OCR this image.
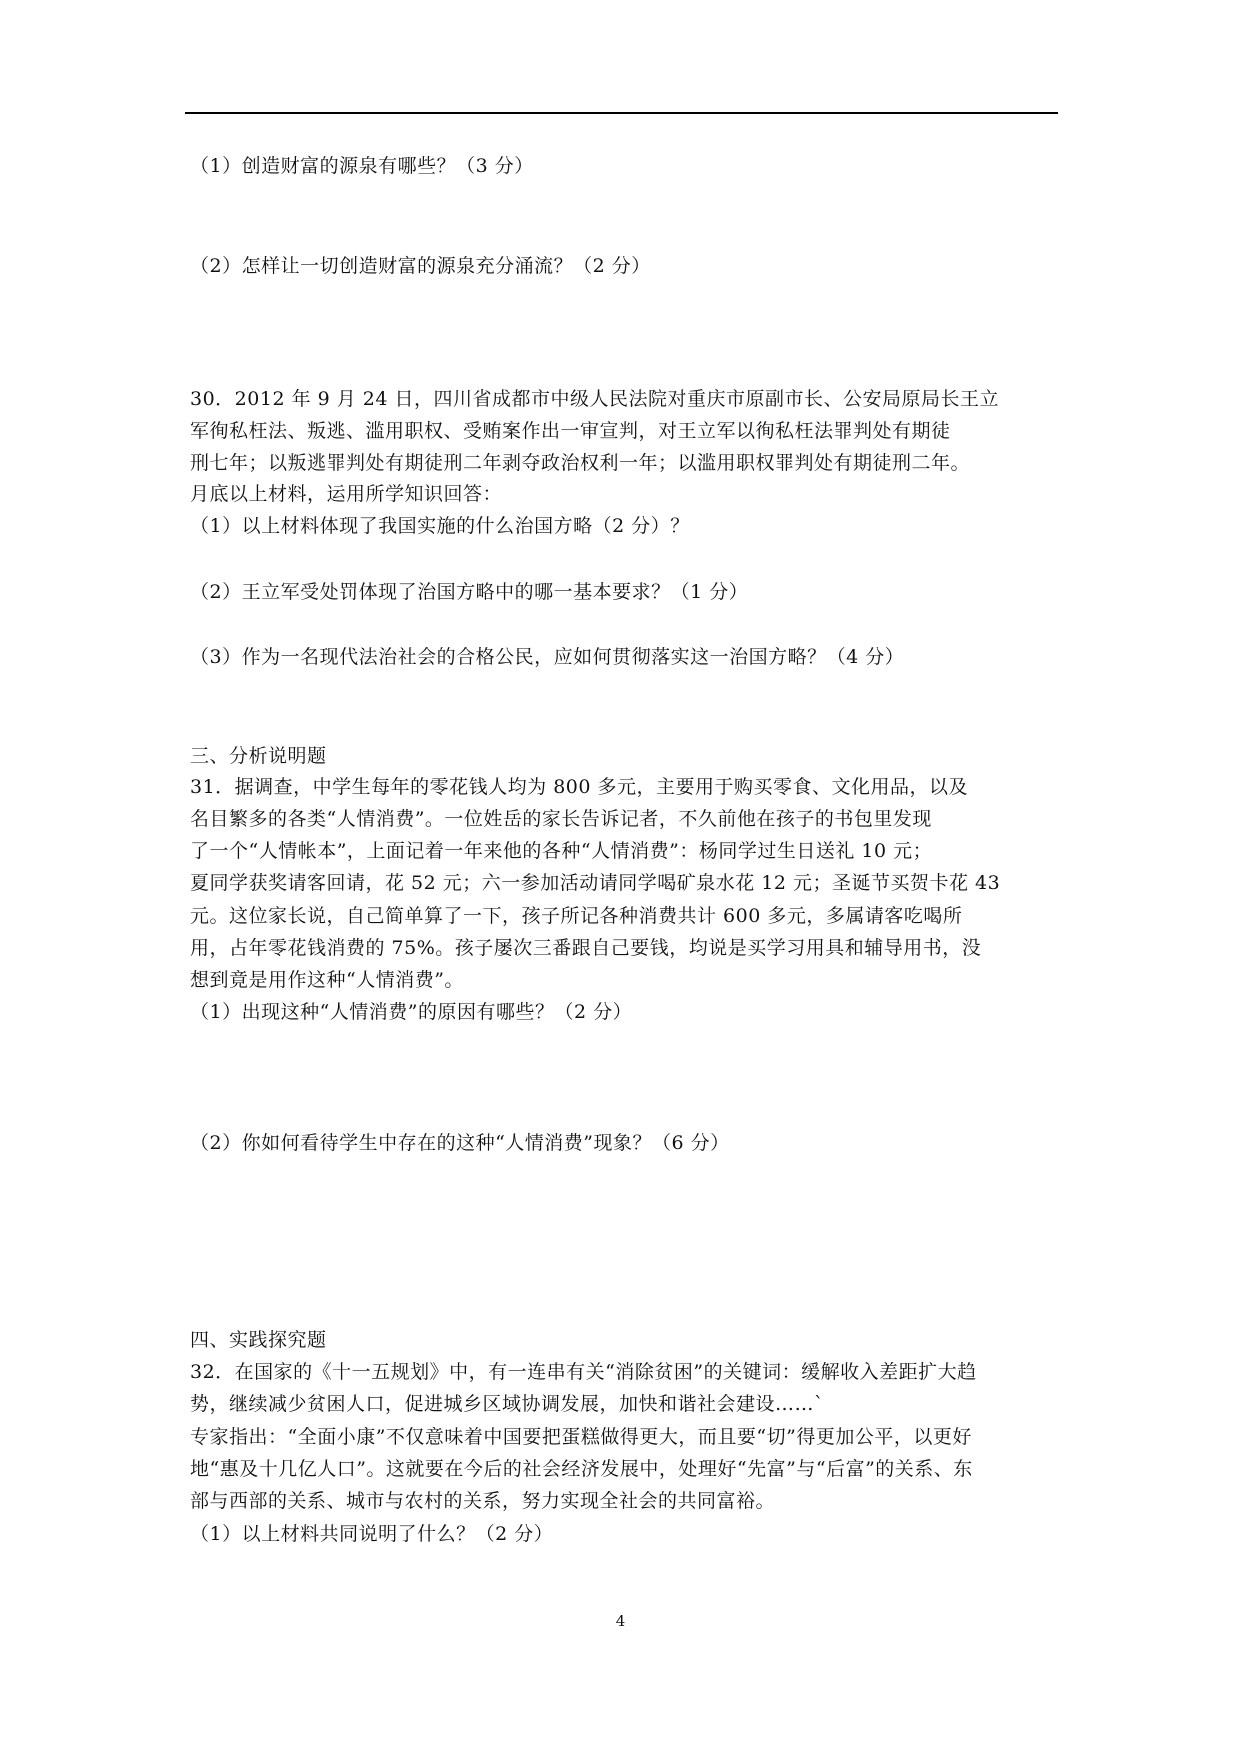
（1）创造财富的源泉有哪些？（3 分）
（2）怎样让一切创造财富的源泉充分涌流？（2 分）
30．2012 年 9 月 24 日，四川省成都市中级人民法院对重庆市原副市长、公安局原局长王立
军徇私枉法、叛逃、滥用职权、受贿案作出一审宣判，对王立军以徇私枉法罪判处有期徒
刑七年；以叛逃罪判处有期徒刑二年剥夺政治权利一年；以滥用职权罪判处有期徒刑二年。
月底以上材料，运用所学知识回答：
（1）以上材料体现了我国实施的什么治国方略（2 分）？
（2）王立军受处罚体现了治国方略中的哪一基本要求？（1 分）
（3）作为一名现代法治社会的合格公民，应如何贯彻落实这一治国方略？（4 分）
三、分析说明题
31．据调查，中学生每年的零花钱人均为 800 多元，主要用于购买零食、文化用品，以及
名目繁多的各类“人情消费”。一位姓岳的家长告诉记者，不久前他在孩子的书包里发现
了一个“人情帐本”，上面记着一年来他的各种“人情消费”：杨同学过生日送礼 10 元；
夏同学获奖请客回请，花 52 元；六一参加活动请同学喝矿泉水花 12 元；圣诞节买贺卡花 43
元。这位家长说，自己简单算了一下，孩子所记各种消费共计 600 多元，多属请客吃喝所
用，占年零花钱消费的 75%。孩子屡次三番跟自己要钱，均说是买学习用具和辅导用书，没
想到竟是用作这种“人情消费”。
（1）出现这种“人情消费”的原因有哪些？（2 分）
（2）你如何看待学生中存在的这种“人情消费”现象？（6 分）
四、实践探究题
32．在国家的《十一五规划》中，有一连串有关“消除贫困”的关键词：缓解收入差距扩大趋
势，继续减少贫困人口，促进城乡区域协调发展，加快和谐社会建设……`
专家指出：“全面小康”不仅意味着中国要把蛋糕做得更大，而且要“切”得更加公平，以更好
地“惠及十几亿人口”。这就要在今后的社会经济发展中，处理好“先富”与“后富”的关系、东
部与西部的关系、城市与农村的关系，努力实现全社会的共同富裕。
（1）以上材料共同说明了什么？（2 分）
4
